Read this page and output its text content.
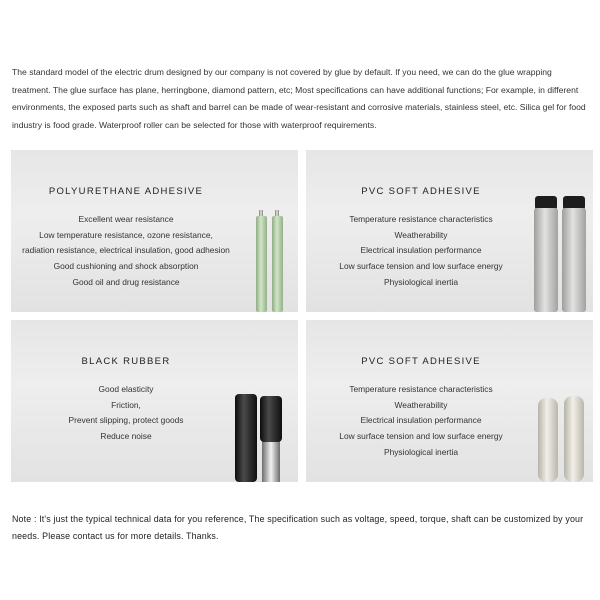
The standard model of the electric drum designed by our company is not covered by glue by default. If you need, we can do the glue wrapping treatment. The glue surface has plane, herringbone, diamond pattern, etc; Most specifications can have additional functions; For example, in different environments, the exposed parts such as shaft and barrel can be made of wear-resistant and corrosive materials, stainless steel, etc. Silica gel for food industry is food grade. Waterproof roller can be selected for those with waterproof requirements.

POLYURETHANE ADHESIVE
Excellent wear resistance
Low temperature resistance, ozone resistance,
radiation resistance, electrical insulation, good adhesion
Good cushioning and shock absorption
Good oil and drug resistance
PVC SOFT ADHESIVE
Temperature resistance characteristics
Weatherability
Electrical insulation performance
Low surface tension and low surface energy
Physiological inertia
BLACK RUBBER
Good elasticity
Friction,
Prevent slipping, protect goods
Reduce noise
PVC SOFT ADHESIVE
Temperature resistance characteristics
Weatherability
Electrical insulation performance
Low surface tension and low surface energy
Physiological inertia

Note : It's just the typical technical data for you reference, The specification such as voltage, speed, torque, shaft can be customized by your needs. Please contact us for more details. Thanks.
